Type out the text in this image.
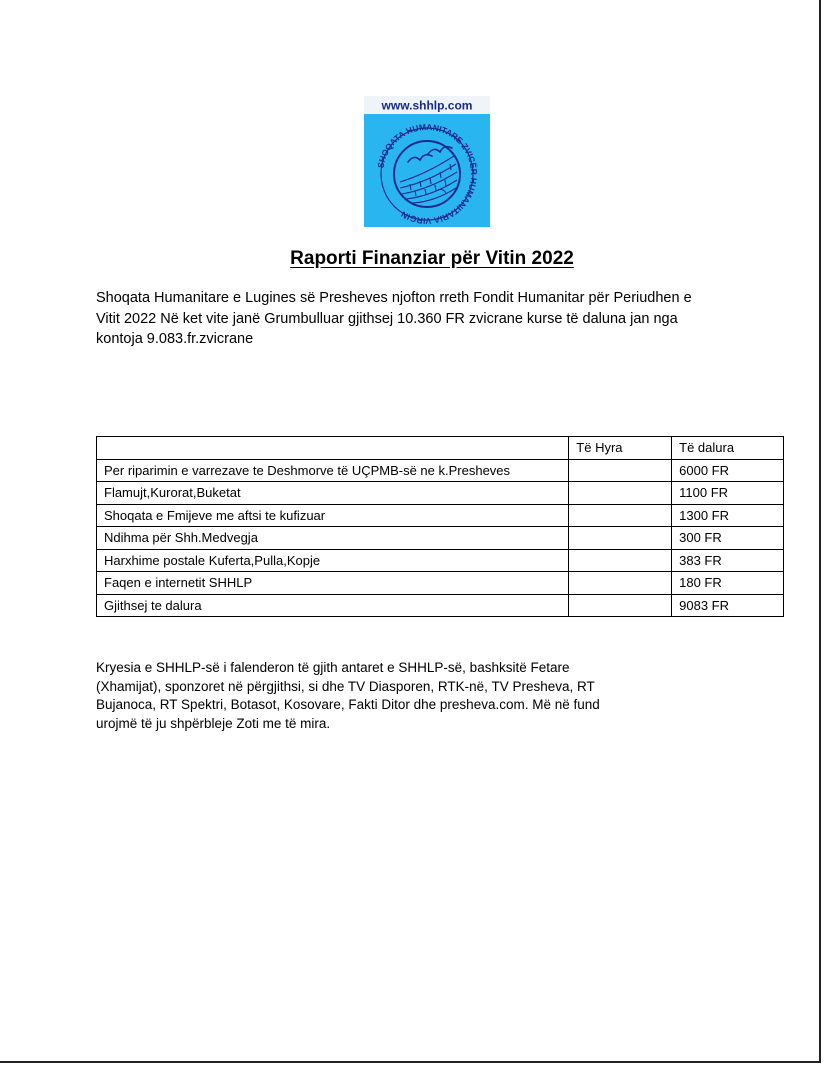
www.shhlp.com
SHOQATA HUMANITARE ZVICËR HUMANITARIA VIRGIN
Raporti Finanziar për Vitin 2022

Shoqata Humanitare e Lugines së Presheves njofton rreth Fondit Humanitar për Periudhen e

Vitit 2022 Në ket vite janë Grumbulluar gjithsej 10.360 FR zvicrane kurse të daluna jan nga

kontoja 9.083.fr.zvicrane

	Të Hyra	Të dalura
Per riparimin e varrezave te Deshmorve të UÇPMB-së ne k.Presheves		6000 FR
Flamujt,Kurorat,Buketat		1100 FR
Shoqata e Fmijeve me aftsi te kufizuar		1300 FR
Ndihma për Shh.Medvegja		300 FR
Harxhime postale Kuferta,Pulla,Kopje		383 FR
Faqen e internetit SHHLP		180 FR
Gjithsej te dalura		9083 FR
Kryesia e SHHLP-së i falenderon të gjith antaret e SHHLP-së, bashksitë Fetare
(Xhamijat), sponzoret në përgjithsi, si dhe TV Diasporen, RTK-në, TV Presheva, RT
Bujanoca, RT Spektri, Botasot, Kosovare, Fakti Ditor dhe presheva.com. Më në fund
urojmë të ju shpërbleje Zoti me të mira.
